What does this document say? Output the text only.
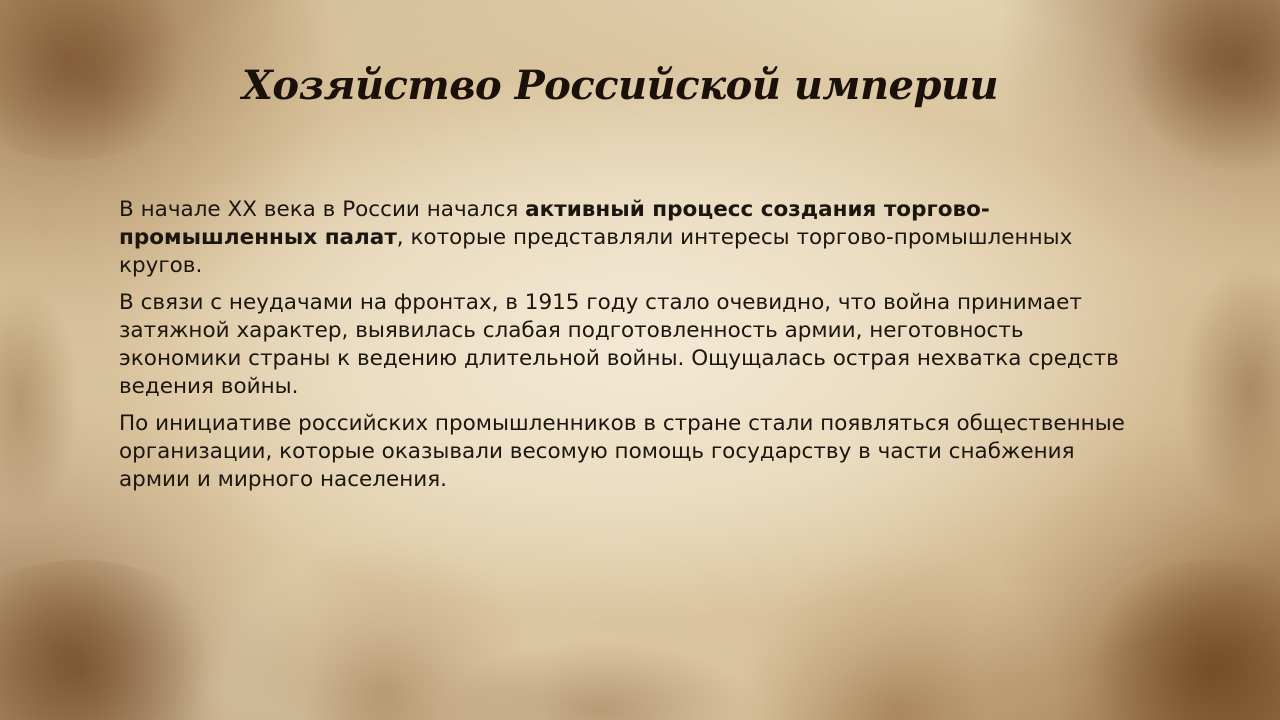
Хозяйство Российской империи

В начале XX века в России начался активный процесс создания торгово-промышленных палат, которые представляли интересы торгово-промышленных кругов.

В связи с неудачами на фронтах, в 1915 году стало очевидно, что война принимает затяжной характер, выявилась слабая подготовленность армии, неготовность экономики страны к ведению длительной войны. Ощущалась острая нехватка средств ведения войны.

По инициативе российских промышленников в стране стали появляться общественные организации, которые оказывали весомую помощь государству в части снабжения армии и мирного населения.
